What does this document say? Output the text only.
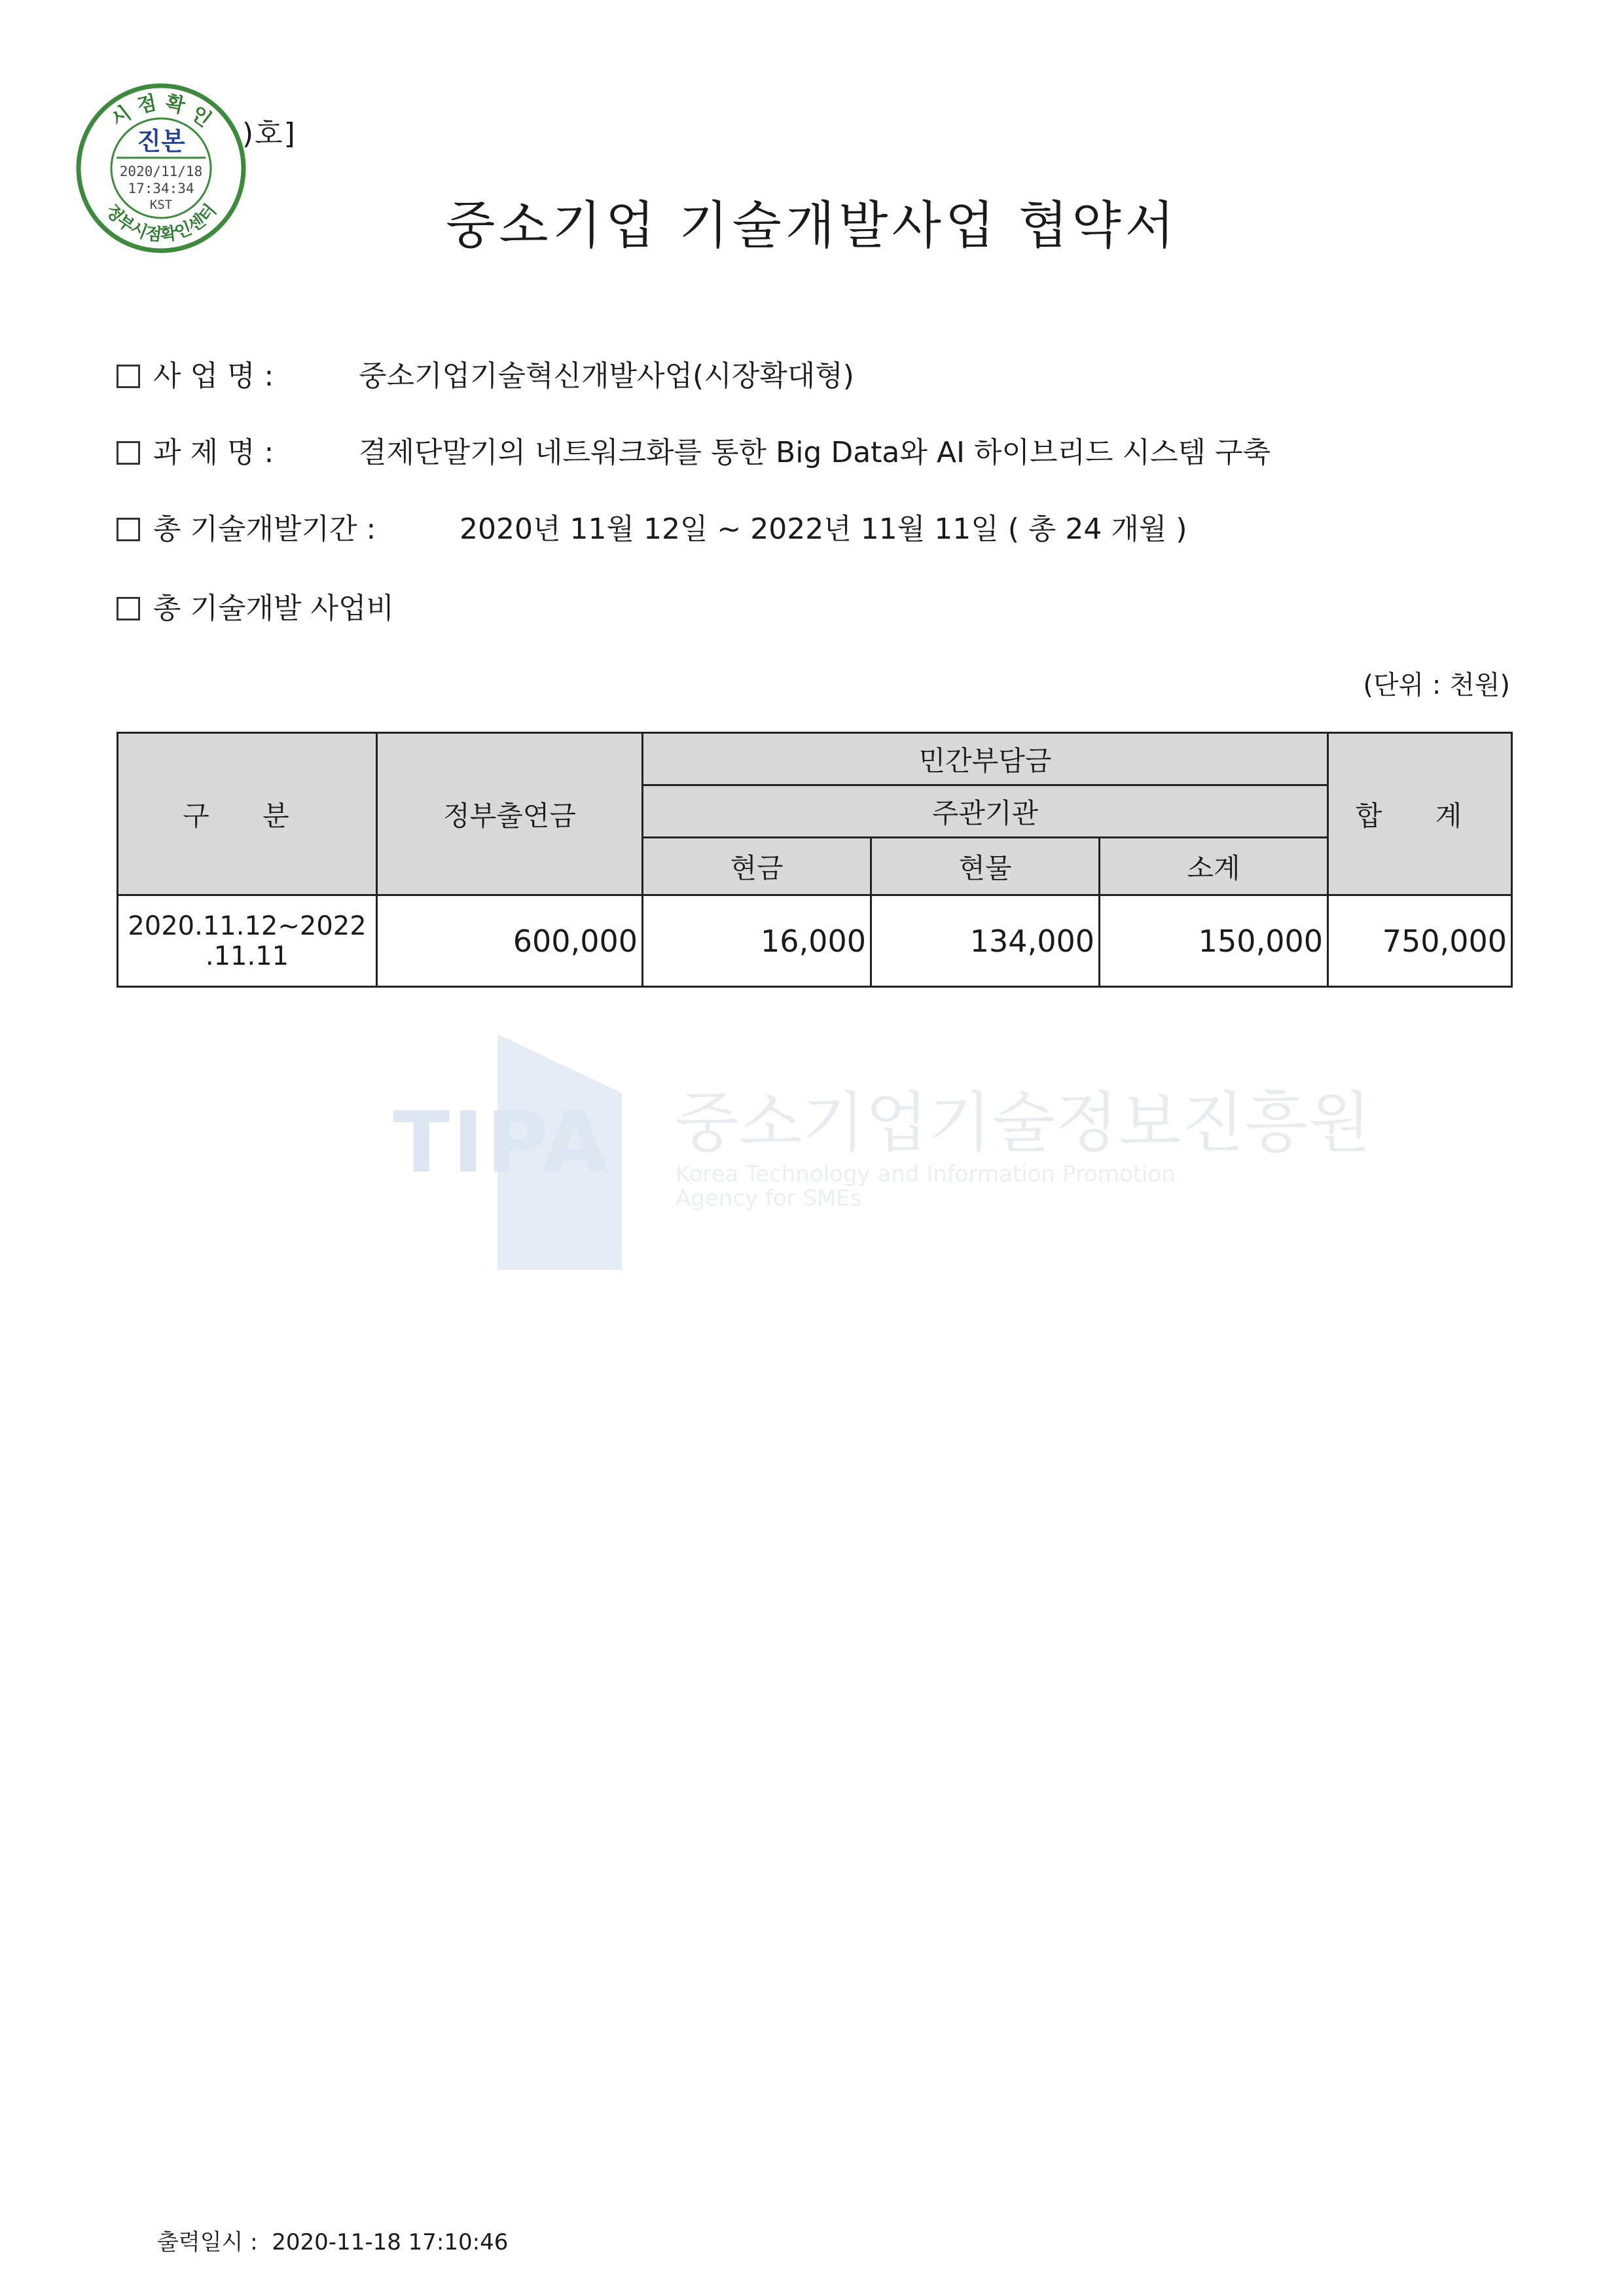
시 점 확 인
정부시점확인센터
진본
2020/11/18
17:34:34
KST
)호]
중소기업 기술개발사업 협약서
사 업 명 :	중소기업기술혁신개발사업(시장확대형)
과 제 명 :	결제단말기의 네트워크화를 통한 Big Data와 AI 하이브리드 시스템 구축
총 기술개발기간 :	2020년 11월 12일 ~ 2022년 11월 11일 ( 총 24 개월 )
총 기술개발 사업비
(단위 : 천원)
구 분	정부출연금	민간부담금			합 계
		주관기관			
		현금	현물	소계	

2020.11.12~2022
.11.11	600,000	16,000	134,000	150,000	750,000
TIPA 중소기업기술정보진흥원
Korea Technology and Information Promotion
Agency for SMEs
출력일시 : 2020-11-18 17:10:46
